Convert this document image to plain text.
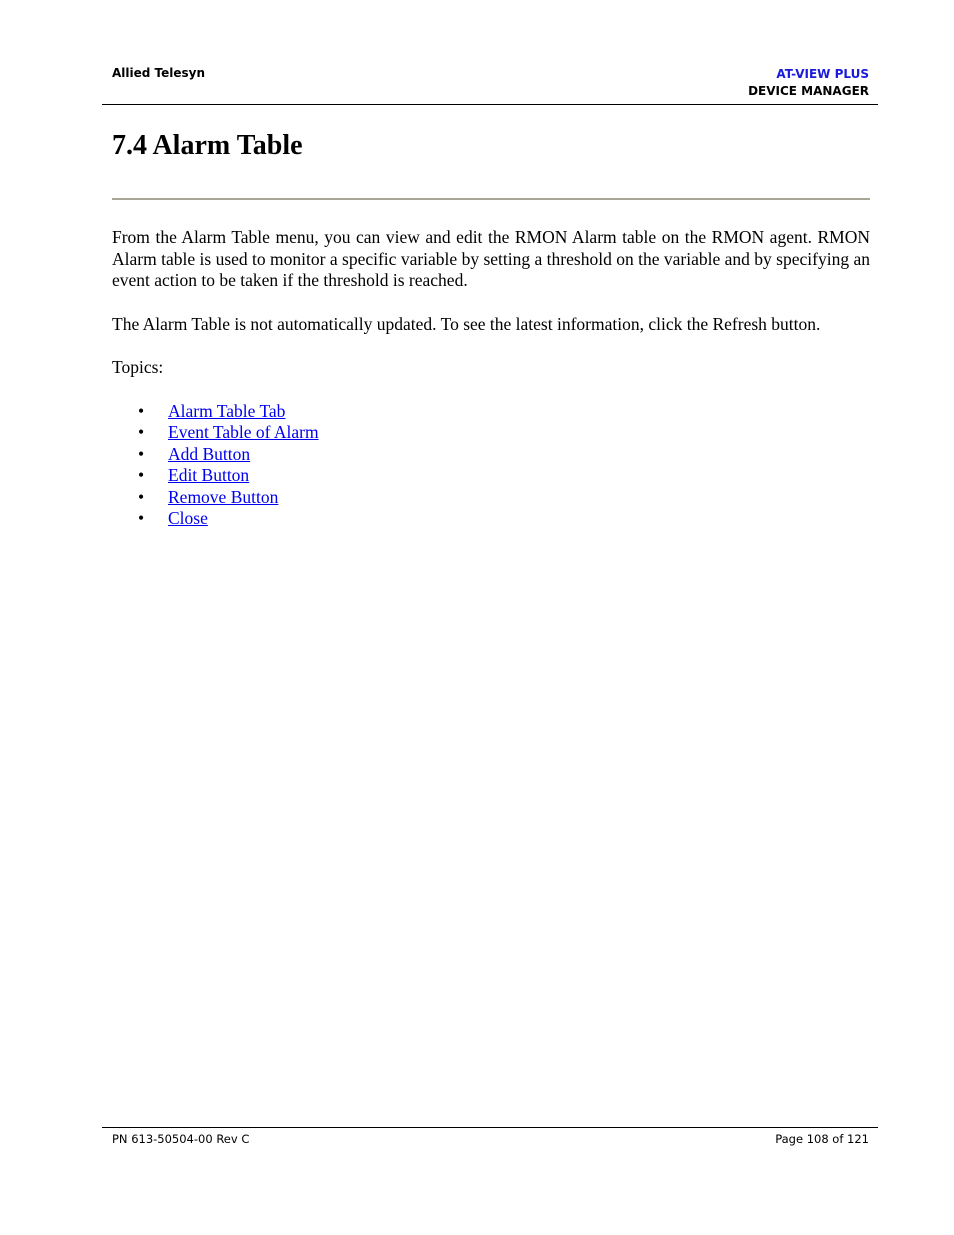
Allied Telesyn	AT-VIEW PLUS
DEVICE MANAGER
7.4 Alarm Table

From the Alarm Table menu, you can view and edit the RMON Alarm table on the RMON agent. RMON Alarm table is used to monitor a specific variable by setting a threshold on the variable and by specifying an event action to be taken if the threshold is reached.

The Alarm Table is not automatically updated. To see the latest information, click the Refresh button.

Topics:

• Alarm Table Tab
• Event Table of Alarm
• Add Button
• Edit Button
• Remove Button
• Close
PN 613-50504-00 Rev C	Page 108 of 121
